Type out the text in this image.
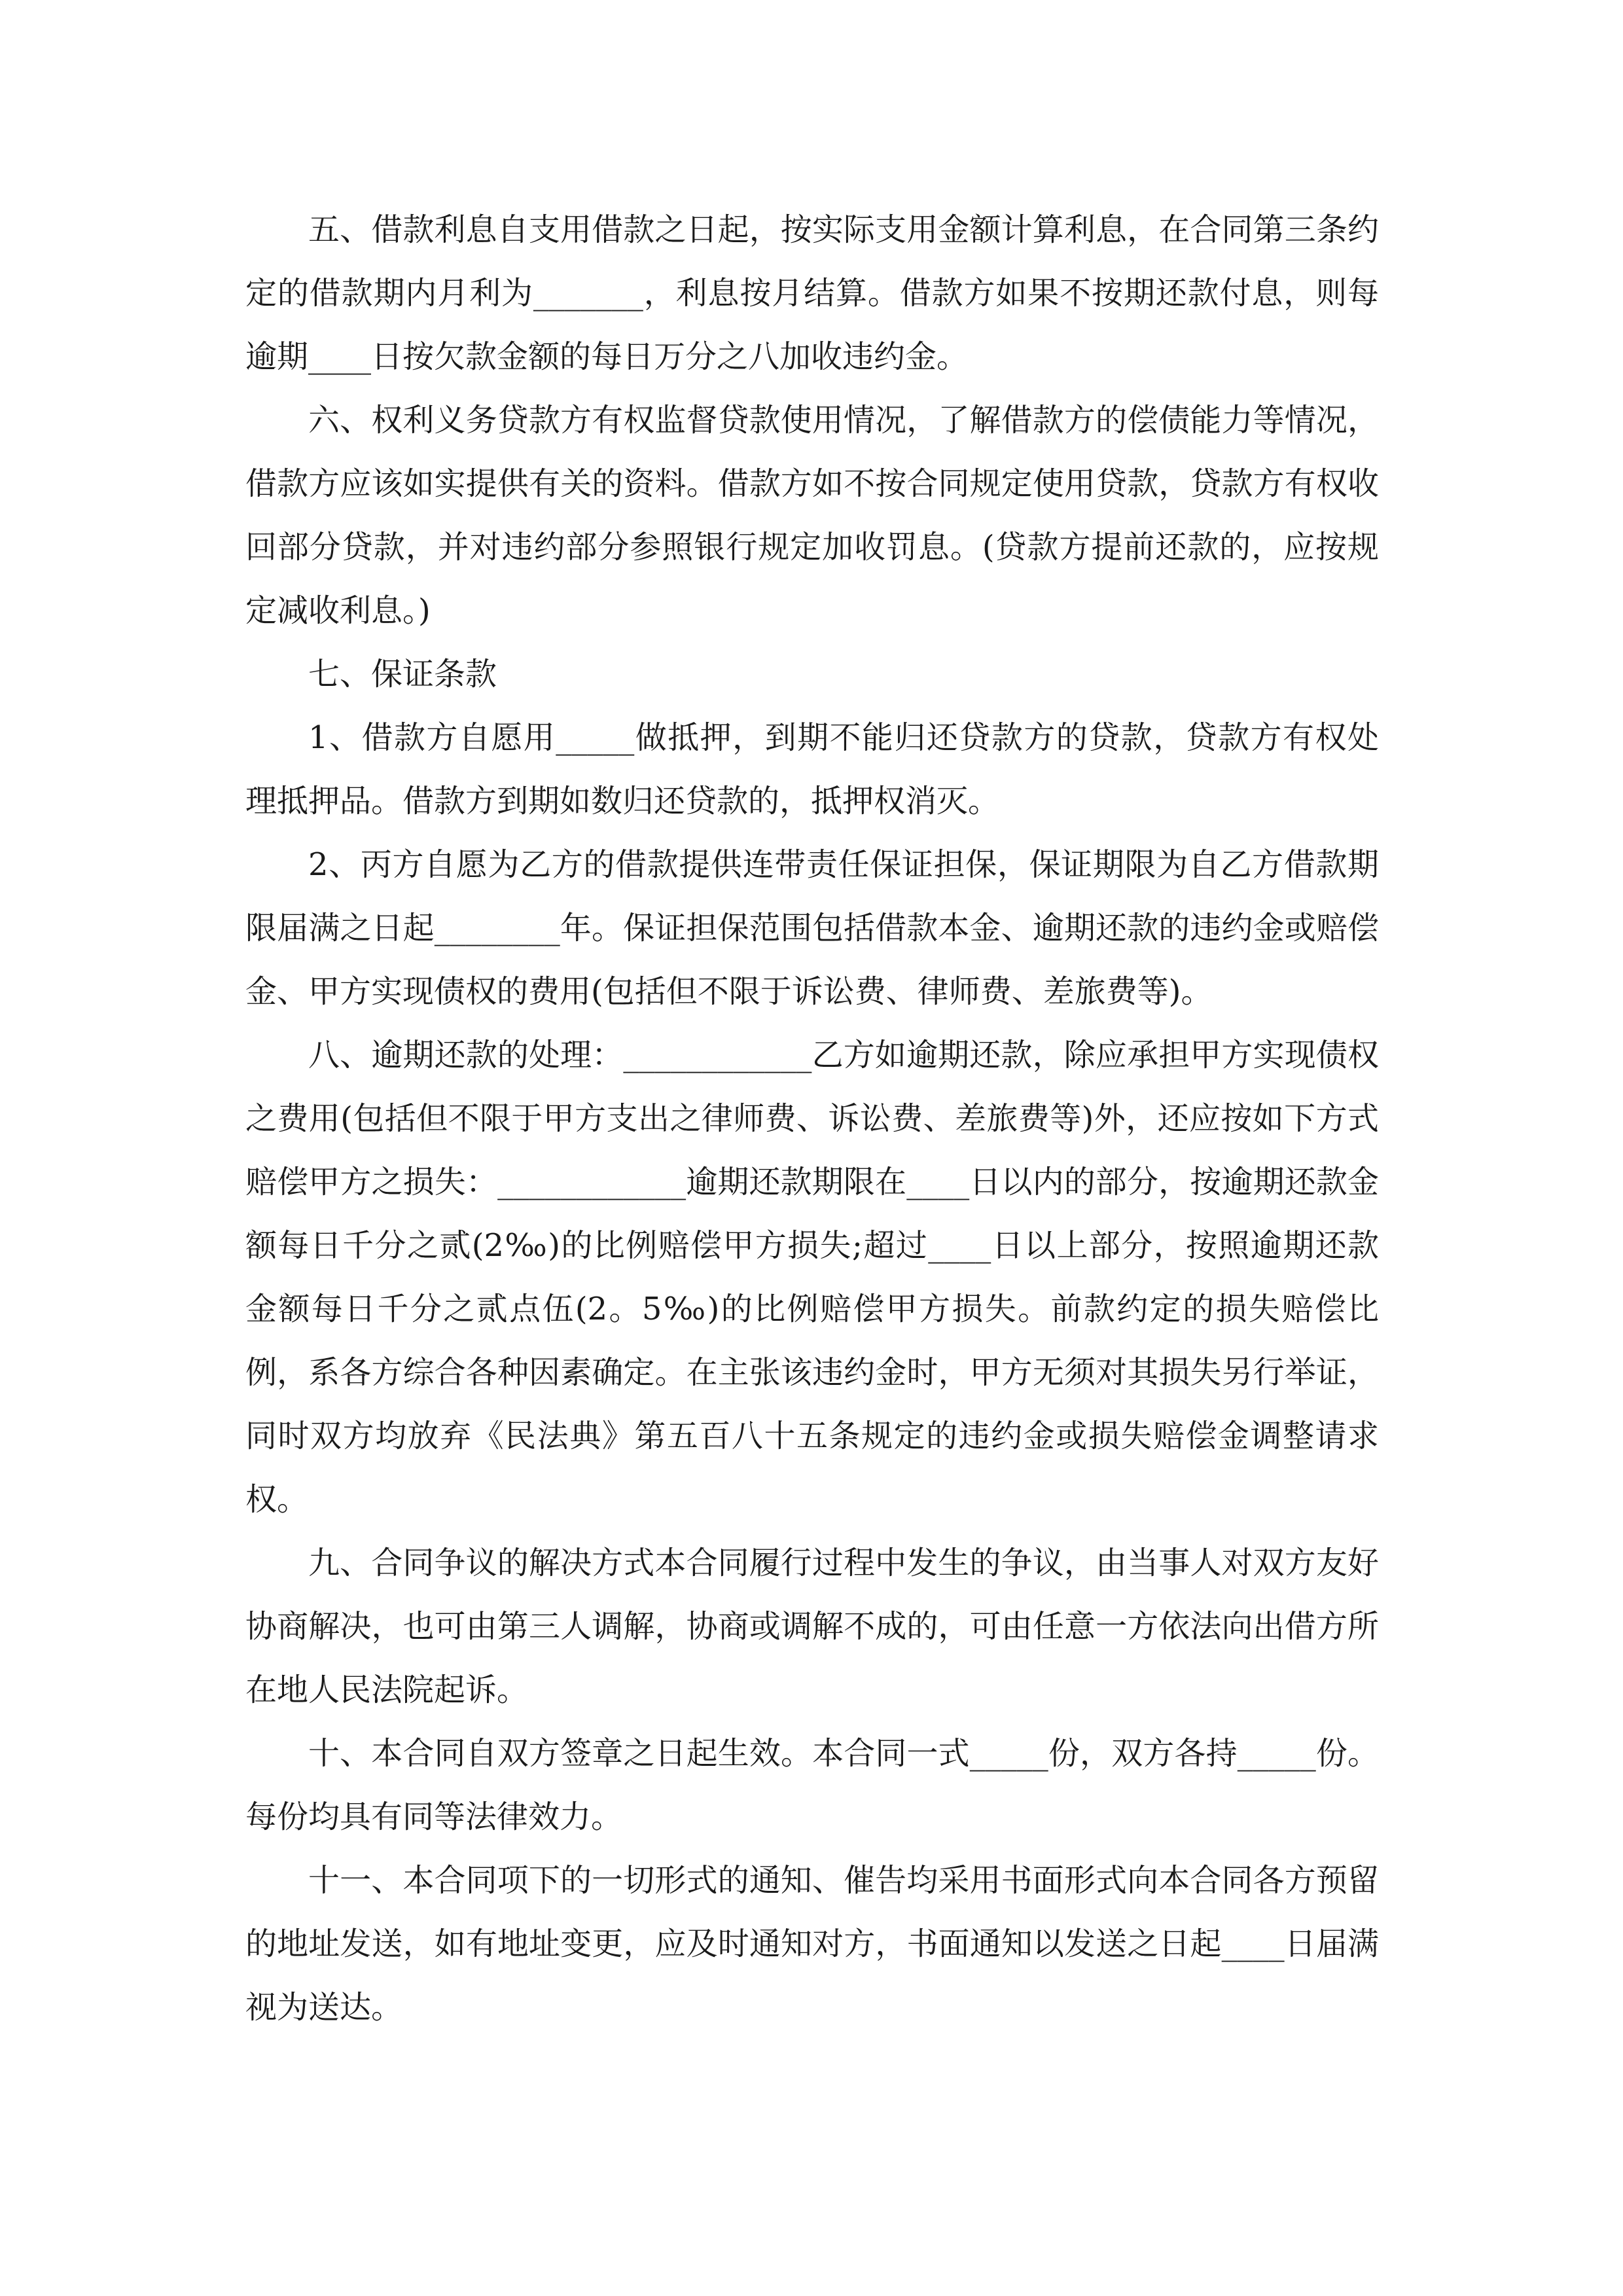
五、借款利息自支用借款之日起，按实际支用金额计算利息，在合同第三条约定的借款期内月利为_______，利息按月结算。借款方如果不按期还款付息，则每逾期____日按欠款金额的每日万分之八加收违约金。

六、权利义务贷款方有权监督贷款使用情况，了解借款方的偿债能力等情况，借款方应该如实提供有关的资料。借款方如不按合同规定使用贷款，贷款方有权收回部分贷款，并对违约部分参照银行规定加收罚息。(贷款方提前还款的，应按规定减收利息。)

七、保证条款

1、借款方自愿用_____做抵押，到期不能归还贷款方的贷款，贷款方有权处理抵押品。借款方到期如数归还贷款的，抵押权消灭。

2、丙方自愿为乙方的借款提供连带责任保证担保，保证期限为自乙方借款期限届满之日起________年。保证担保范围包括借款本金、逾期还款的违约金或赔偿金、甲方实现债权的费用(包括但不限于诉讼费、律师费、差旅费等)。

八、逾期还款的处理：____________乙方如逾期还款，除应承担甲方实现债权之费用(包括但不限于甲方支出之律师费、诉讼费、差旅费等)外，还应按如下方式赔偿甲方之损失：____________逾期还款期限在____日以内的部分，按逾期还款金额每日千分之贰(2‰)的比例赔偿甲方损失;超过____日以上部分，按照逾期还款金额每日千分之贰点伍(2。5‰)的比例赔偿甲方损失。前款约定的损失赔偿比例，系各方综合各种因素确定。在主张该违约金时，甲方无须对其损失另行举证，同时双方均放弃《民法典》第五百八十五条规定的违约金或损失赔偿金调整请求权。

九、合同争议的解决方式本合同履行过程中发生的争议，由当事人对双方友好协商解决，也可由第三人调解，协商或调解不成的，可由任意一方依法向出借方所在地人民法院起诉。

十、本合同自双方签章之日起生效。本合同一式_____份，双方各持_____份。每份均具有同等法律效力。

十一、本合同项下的一切形式的通知、催告均采用书面形式向本合同各方预留的地址发送，如有地址变更，应及时通知对方，书面通知以发送之日起____日届满视为送达。
